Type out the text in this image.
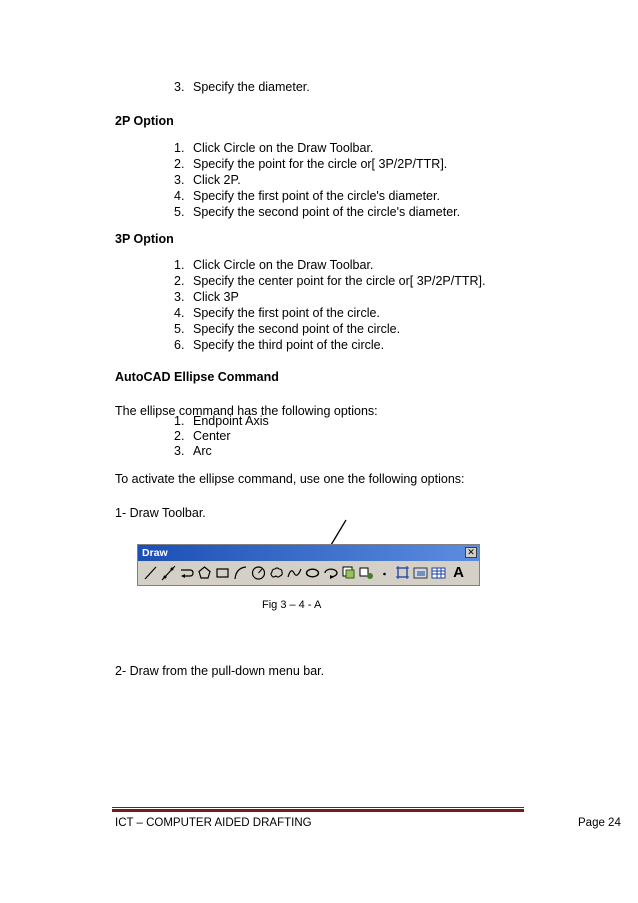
3. Specify the diameter.
2P Option
1. Click Circle on the Draw Toolbar.
2. Specify the point for the circle or[ 3P/2P/TTR].
3. Click 2P.
4. Specify the first point of the circle's diameter.
5. Specify the second point of the circle's diameter.
3P Option
1. Click Circle on the Draw Toolbar.
2. Specify the center point for the circle or[ 3P/2P/TTR].
3. Click 3P
4. Specify the first point of the circle.
5. Specify the second point of the circle.
6. Specify the third point of the circle.
AutoCAD Ellipse Command
The ellipse command has the following options:
1. Endpoint Axis
2. Center
3. Arc
To activate the ellipse command, use one the following options:
1- Draw Toolbar.
Draw	✕
A
Fig 3 – 4 - A
2- Draw from the pull-down menu bar.
ICT – COMPUTER AIDED DRAFTING	Page 24
